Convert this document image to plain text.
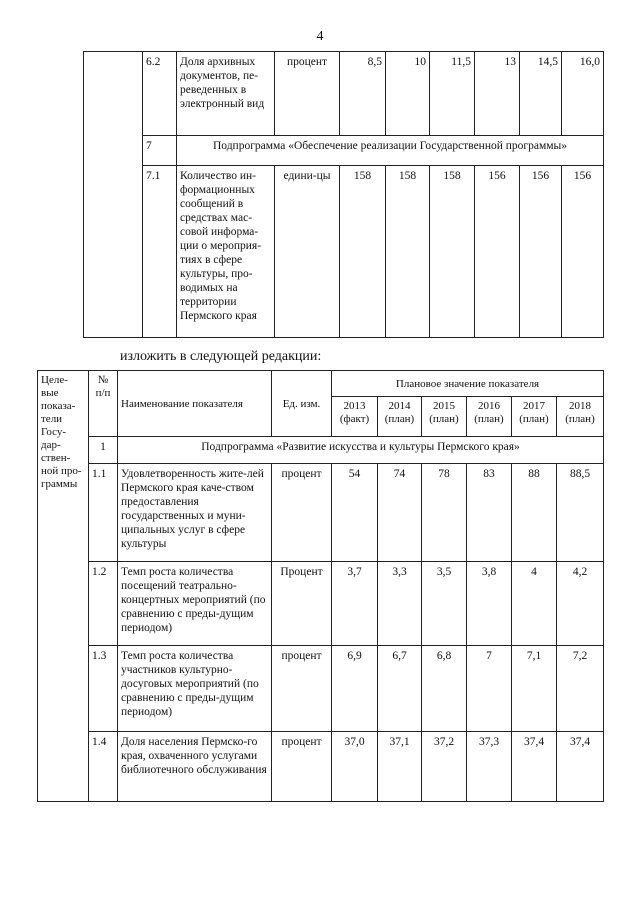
4
	6.2	Доля архивных документов, пе-реведенных в электронный вид	процент	8,5	10	11,5	13	14,5	16,0
	7	Подпрограмма «Обеспечение реализации Государственной программы»							
	7.1	Количество ин-формационных сообщений в средствах мас-совой информа-ции о мероприя-тиях в сфере культуры, про-водимых на территории Пермского края	едини-цы	158	158	158	156	156	156
изложить в следующей редакции:
Целе-вые показа-тели Госу-дар-ствен-ной про-граммы	№ п/п	Наименование показателя	Ед. изм.	Плановое значение показателя					
				2013 (факт)	2014 (план)	2015 (план)	2016 (план)	2017 (план)	2018 (план)
	1	Подпрограмма «Развитие искусства и культуры Пермского края»							
	1.1	Удовлетворенность жите-лей Пермского края каче-ством предоставления государственных и муни-ципальных услуг в сфере культуры	процент	54	74	78	83	88	88,5
	1.2	Темп роста количества посещений театрально-концертных мероприятий (по сравнению с преды-дущим периодом)	Процент	3,7	3,3	3,5	3,8	4	4,2
	1.3	Темп роста количества участников культурно-досуговых мероприятий (по сравнению с преды-дущим периодом)	процент	6,9	6,7	6,8	7	7,1	7,2
	1.4	Доля населения Пермско-го края, охваченного услугами библиотечного обслуживания	процент	37,0	37,1	37,2	37,3	37,4	37,4
